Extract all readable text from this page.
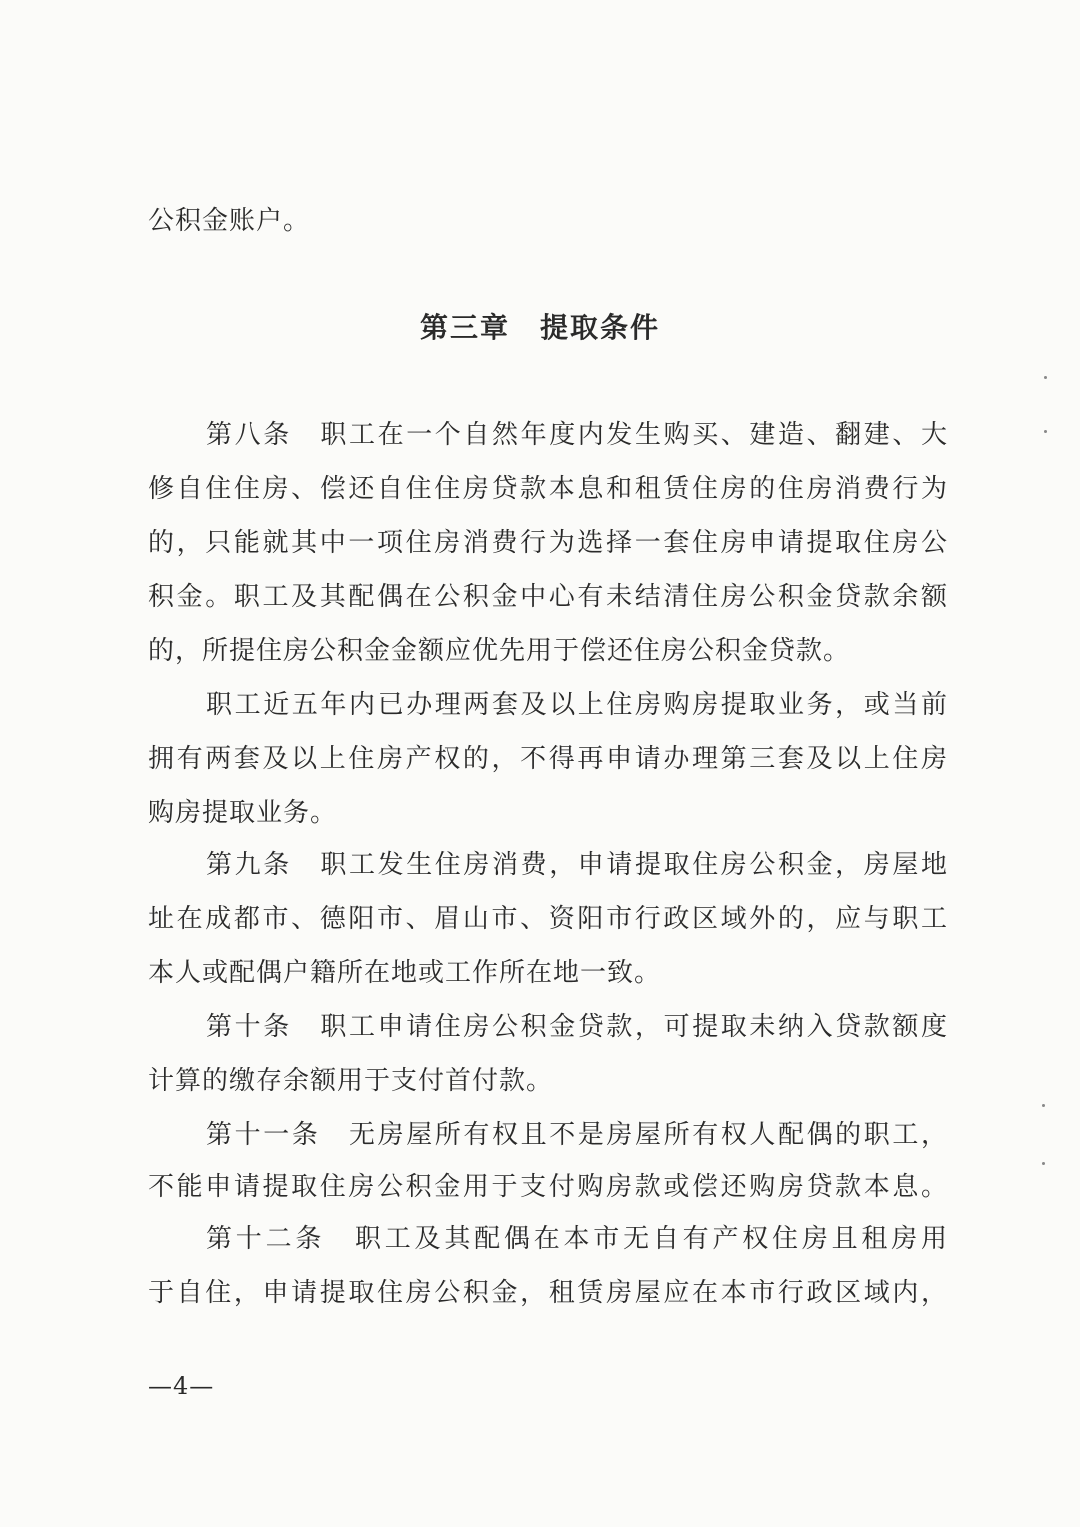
公积金账户。
第三章　提取条件
第八条　职工在一个自然年度内发生购买、建造、翻建、大
修自住住房、偿还自住住房贷款本息和租赁住房的住房消费行为
的，只能就其中一项住房消费行为选择一套住房申请提取住房公
积金。职工及其配偶在公积金中心有未结清住房公积金贷款余额
的，所提住房公积金金额应优先用于偿还住房公积金贷款。
职工近五年内已办理两套及以上住房购房提取业务，或当前
拥有两套及以上住房产权的，不得再申请办理第三套及以上住房
购房提取业务。
第九条　职工发生住房消费，申请提取住房公积金，房屋地
址在成都市、德阳市、眉山市、资阳市行政区域外的，应与职工
本人或配偶户籍所在地或工作所在地一致。
第十条　职工申请住房公积金贷款，可提取未纳入贷款额度
计算的缴存余额用于支付首付款。
第十一条　无房屋所有权且不是房屋所有权人配偶的职工，
不能申请提取住房公积金用于支付购房款或偿还购房贷款本息。
第十二条　职工及其配偶在本市无自有产权住房且租房用
于自住，申请提取住房公积金，租赁房屋应在本市行政区域内，
—4—
